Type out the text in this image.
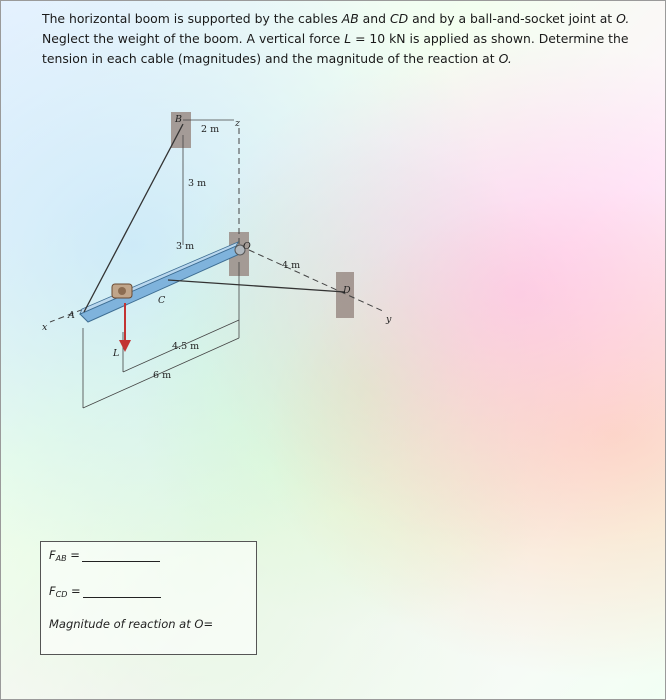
The horizontal boom is supported by the cables AB and CD and by a ball-and-socket joint at O.
Neglect the weight of the boom. A vertical force L = 10 kN is applied as shown. Determine the
tension in each cable (magnitudes) and the magnitude of the reaction at O.
B
2 m
z
3 m
3 m	O
4 m
D
y
A
x
C
L
4.5 m
6 m
$F_{AB}$ =
$F_{CD}$ =
Magnitude of reaction at O=
